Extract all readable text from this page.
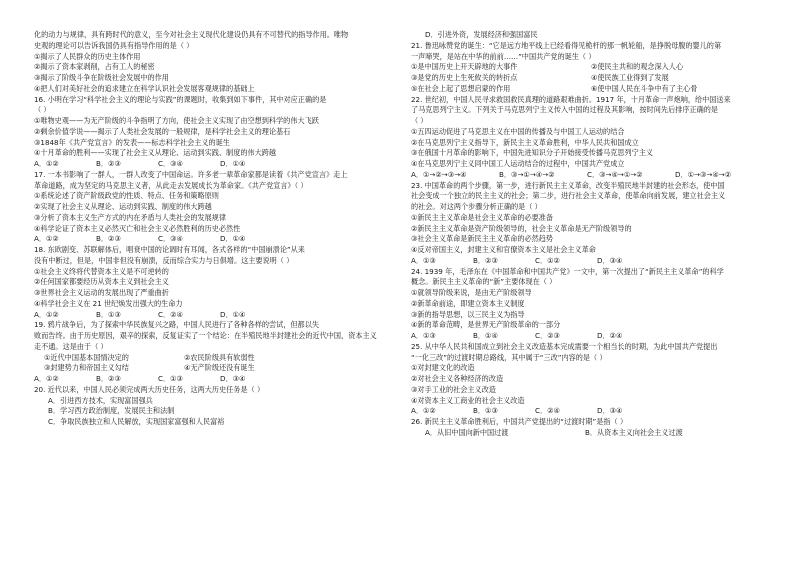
化的动力与规律，具有跨时代的意义，至今对社会主义现代化建设仍具有不可替代的指导作用。唯物
史观的理论可以告诉我国仍具有指导作用的是（ ）
①揭示了人民群众的历史主体作用
②揭示了资本家剥削，占有工人的秘密
③揭示了阶级斗争在阶级社会发展中的作用
④把人们对美好社会的追求建立在科学认识社会发展客观规律的基础上
16. 小明在学习“科学社会主义的理论与实践”的课题时，收集到如下事件，其中对应正确的是
（ ）
①唯物史观——为无产阶级的斗争指明了方向，使社会主义实现了由空想到科学的伟大飞跃
②剩余价值学说——揭示了人类社会发展的一般规律，是科学社会主义的理论基石
③1848年《共产党宣言》的发表——标志科学社会主义的诞生
④十月革命的胜利——实现了社会主义从理论、运动到实践、制度的伟大跨越
A．①②	B．②③	C．③④	D．①④
17. 一本书影响了一群人，一群人改变了中国命运。许多老一辈革命家都是读着《共产党宣言》走上
革命道路，成为坚定的马克思主义者，从此走去发展成长为革命家。《共产党宣言》（ ）
①系统论述了资产阶级政党的性质、特点、任务和策略原则
②实现了社会主义从理论、运动到实践、制度的伟大跨越
③分析了资本主义生产方式的内在矛盾与人类社会的发展规律
④科学论证了资本主义必然灭亡和社会主义必然胜利的历史必然性
A．①②	B．②③	C．③④	D．①④
18. 东欧剧变、苏联解体后，唱衰中国的论调时有耳闻，各式各样的“中国崩溃论”从来
没有中断过，但是，中国非但没有崩溃，反而综合实力与日俱增。这主要说明（ ）
①社会主义终将代替资本主义是不可逆转的
②任何国家都要经历从资本主义到社会主义
③世界社会主义运动的发展出现了严重曲折
④科学社会主义在 21 世纪焕发出强大的生命力
A．①②	B．①③	C．②④	D．①④
19. 鸦片战争后，为了探索中华民族复兴之路，中国人民进行了各种各样的尝试，但都以失
败而告终。由于历史原因，艰辛的探索，反复证实了一个结论：在半殖民地半封建社会的近代中国，资本主义
走不通。这是由于（ ）
①近代中国基本国情决定的	②农民阶级具有软弱性
③封建势力和帝国主义勾结	④无产阶级还没有诞生
A．①②	B．②③	C．①③	D．③④
20. 近代以来，中国人民必须完成两大历史任务，这两大历史任务是（ ）
A．引进西方技术，实现富国强兵
B．学习西方政治制度，发展民主和法制
C．争取民族独立和人民解放，实现国家富强和人民富裕
D．引进外资，发展经济和强国富民
21. 鲁迅咏赞党的诞生：“它是远方地平线上已经看得见桅杆的那一帆轮船，是挣脱母腹的婴儿的第
一声啼哭，是站在中华的前前……”中国共产党的诞生（ ）
①是中国历史上开天辟地的大事件	②使民主共和的观念深入人心
③是党的历史上生死攸关的转折点	④使民族工业得到了发展
⑤在社会上起了思想启蒙的作用	⑥使中国人民在斗争中有了主心骨
22. 世纪初，中国人民寻求救国救民真理的道路艰难曲折。1917 年，十月革命一声炮响，给中国送来
了马克思列宁主义。下列关于马克思列宁主义传入中国的过程及其影响，按时间先后排序正确的是
（ ）
①五四运动促进了马克思主义在中国的传播及与中国工人运动的结合
②在马克思列宁主义指导下，新民主主义革命胜利，中华人民共和国成立
③在俄国十月革命的影响下，中国先进知识分子开始接受传播马克思列宁主义
④在马克思列宁主义同中国工人运动结合的过程中，中国共产党成立
A．①→②→③→④	B．③→①→④→②	C．③→④→①→②	D．①→③→④→②
23. 中国革命的两个步骤，第一步，进行新民主主义革命，改变半殖民地半封建的社会形态，使中国
社会变成一个独立的民主主义的社会；第二步，进行社会主义革命，使革命向前发展，建立社会主义
的社会。对这两个步骤分析正确的是（ ）
①新民主主义革命是社会主义革命的必要准备
②新民主主义革命是资产阶级领导的，社会主义革命是无产阶级领导的
③社会主义革命是新民主主义革命的必然趋势
④反对帝国主义，封建主义和官僚资本主义是社会主义革命
A．①③	B．②③	C．①②	D．③④
24. 1939 年，毛泽东在《中国革命和中国共产党》一文中，第一次提出了“新民主主义革命”的科学
概念。新民主主义革命的“新”主要体现在（ ）
①就领导阶级来说，是由无产阶级领导
②新革命前途，即建立资本主义制度
③新的指导思想，以三民主义为指导
④新的革命范畴，是世界无产阶级革命的一部分
A．①③	B．①④	C．②③	D．②④
25. 从中华人民共和国成立到社会主义改造基本完成需要一个相当长的时期，为此中国共产党提出
“一化三改”的过渡时期总路线，其中属于“三改”内容的是（ ）
①对封建文化的改造
②对社会主义各种经济的改造
③对手工业的社会主义改造
④对资本主义工商业的社会主义改造
A．①②	B．①③	C．②④	D．③④
26. 新民主主义革命胜利后，中国共产党提出的“过渡时期”是指（ ）
A．从旧中国向新中国过渡	B．从资本主义向社会主义过渡
